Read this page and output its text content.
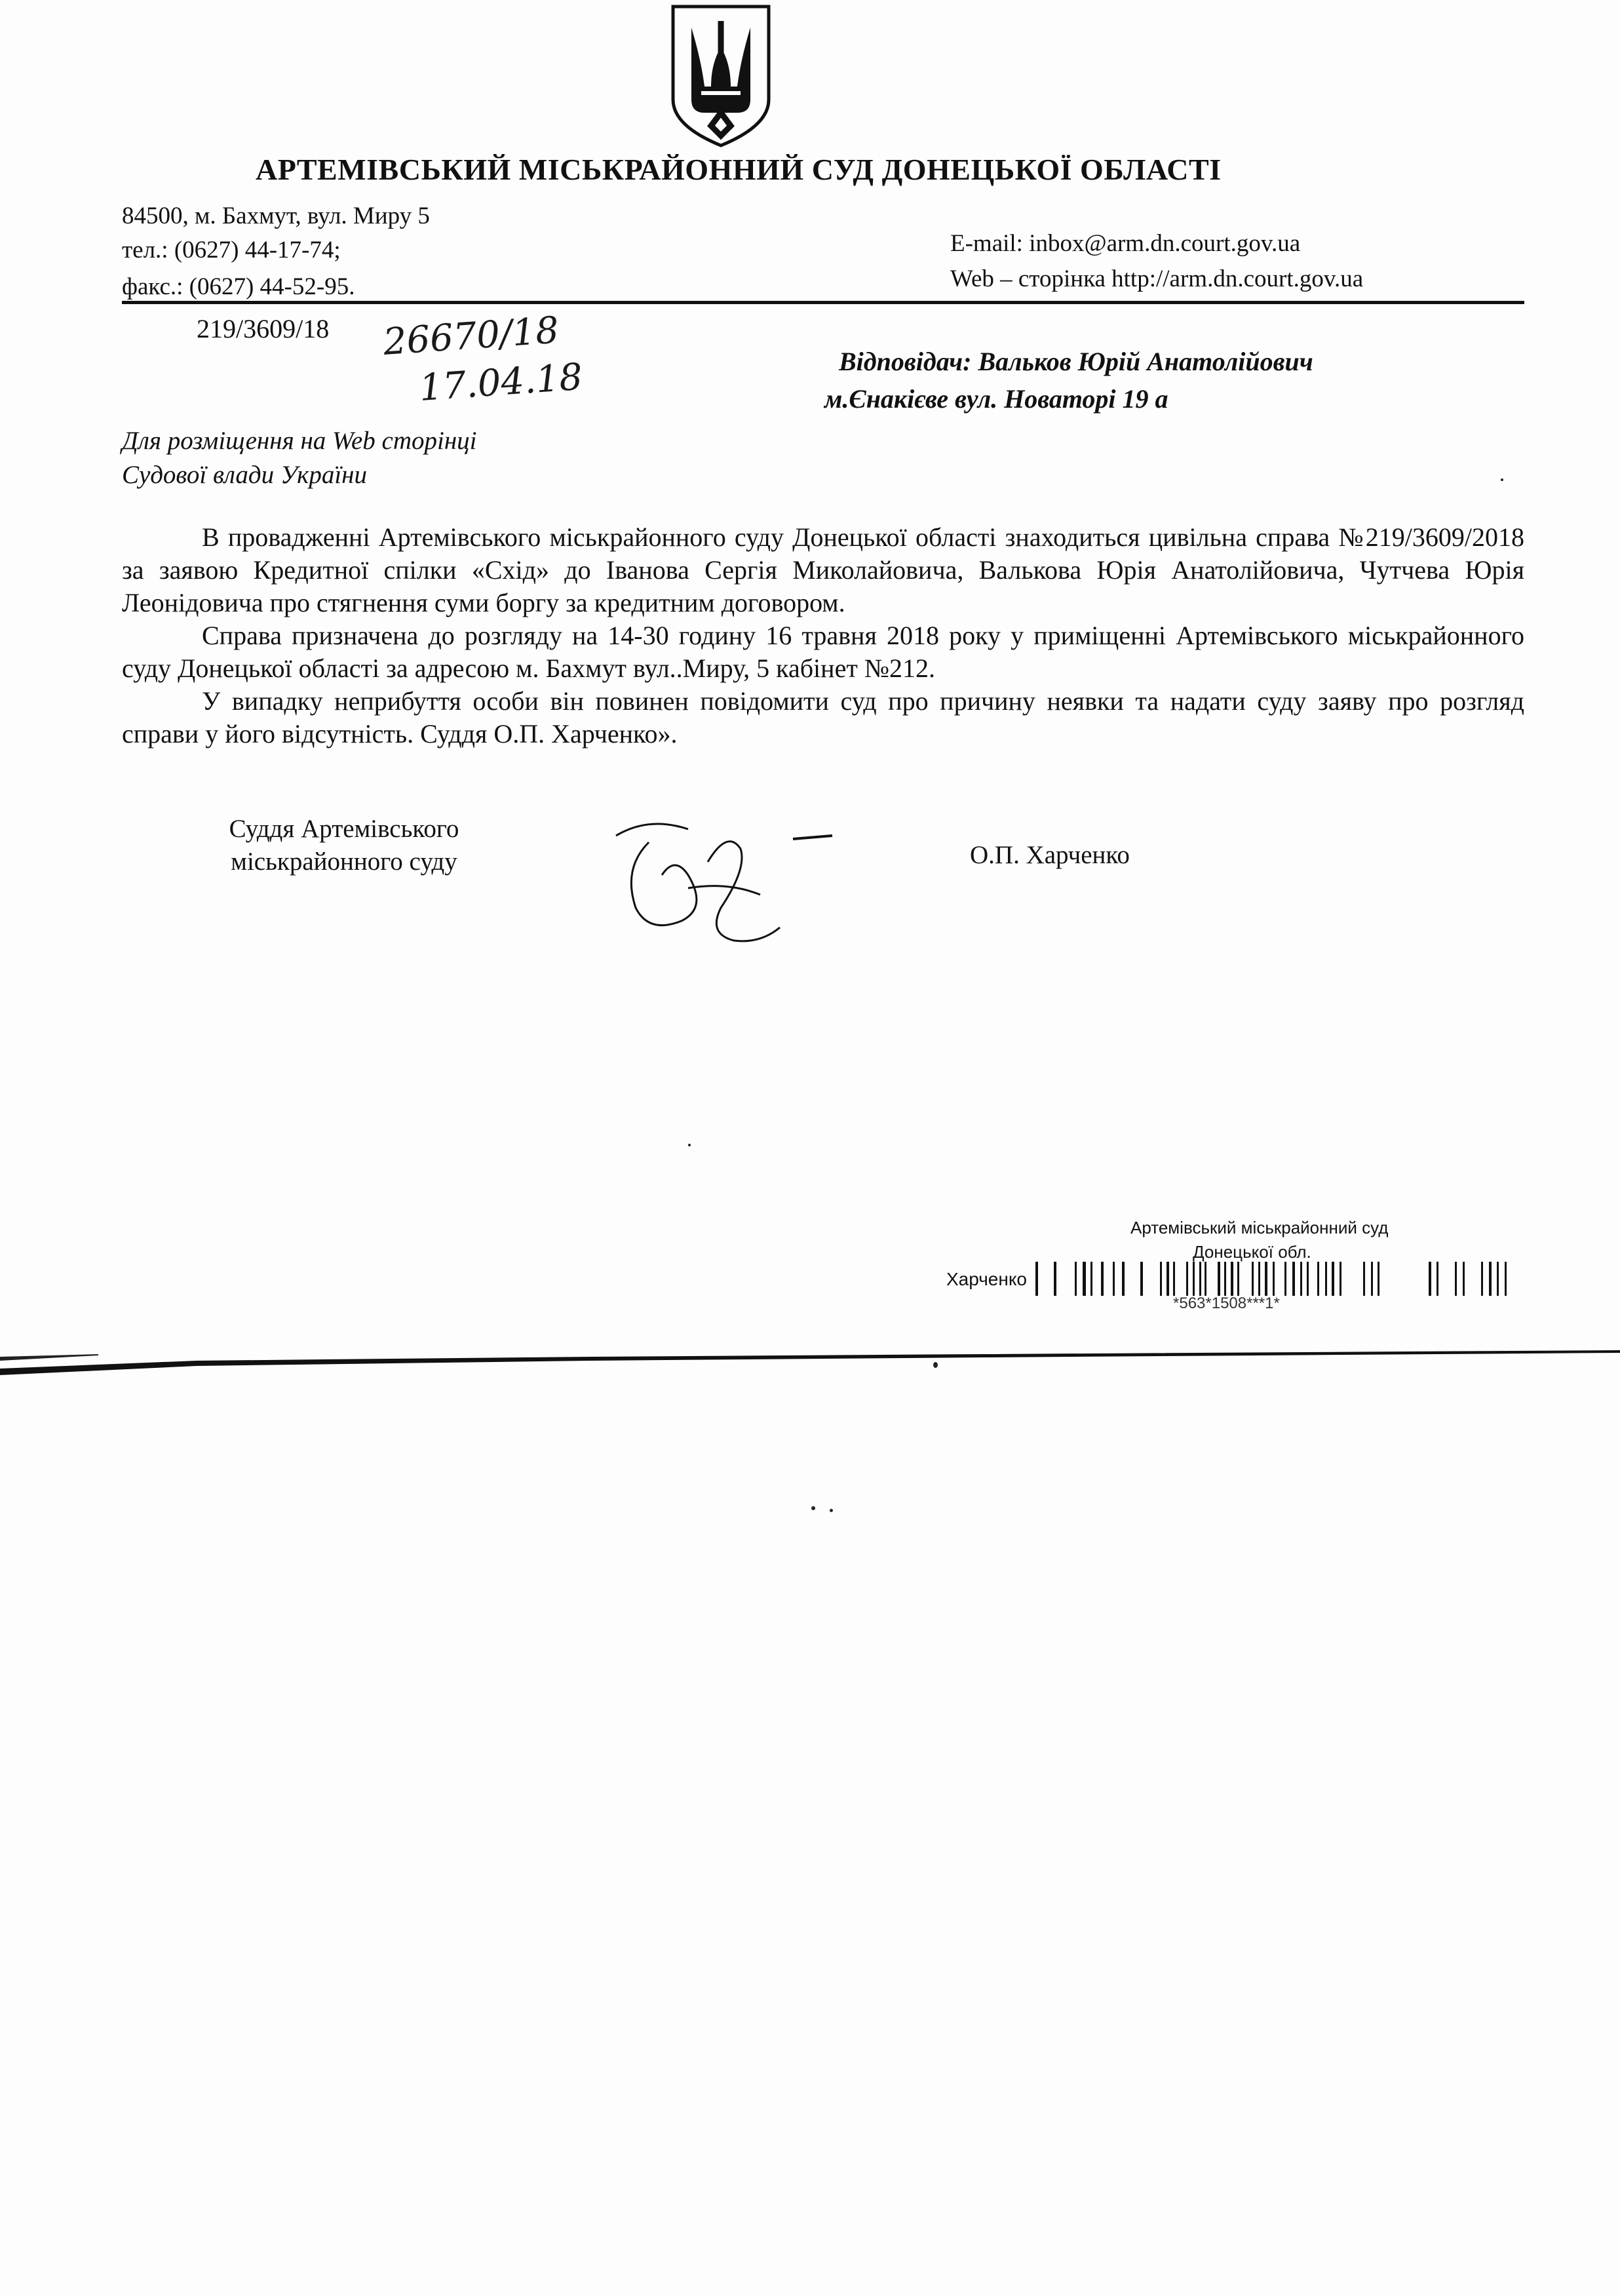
АРТЕМІВСЬКИЙ МІСЬКРАЙОННИЙ СУД ДОНЕЦЬКОЇ ОБЛАСТІ
84500, м. Бахмут, вул. Миру 5
тел.: (0627) 44-17-74;
факс.: (0627) 44-52-95.
E-mail: inbox@arm.dn.court.gov.ua
Web – сторінка http://arm.dn.court.gov.ua
219/3609/18 26670/18
17.04.18	Відповідач: Вальков Юрій Анатолійович
м.Єнакієве вул. Новаторі 19 а
Для розміщення на Web сторінці
Судової влади України

В провадженні Артемівського міськрайонного суду Донецької області знаходиться цивільна справа №219/3609/2018 за заявою Кредитної спілки «Схід» до Іванова Сергія Миколайовича, Валькова Юрія Анатолійовича, Чутчева Юрія Леонідовича про стягнення суми боргу за кредитним договором.

Справа призначена до розгляду на 14-30 годину 16 травня 2018 року у приміщенні Артемівського міськрайонного суду Донецької області за адресою м. Бахмут вул..Миру, 5 кабінет №212.

У випадку неприбуття особи він повинен повідомити суд про причину неявки та надати суду заяву про розгляд справи у його відсутність. Суддя О.П. Харченко».

Суддя Артемівського
міськрайонного суду	О.П. Харченко
Артемівський міськрайонний суд
Донецької обл.
Харченко
*563*1508***1*
